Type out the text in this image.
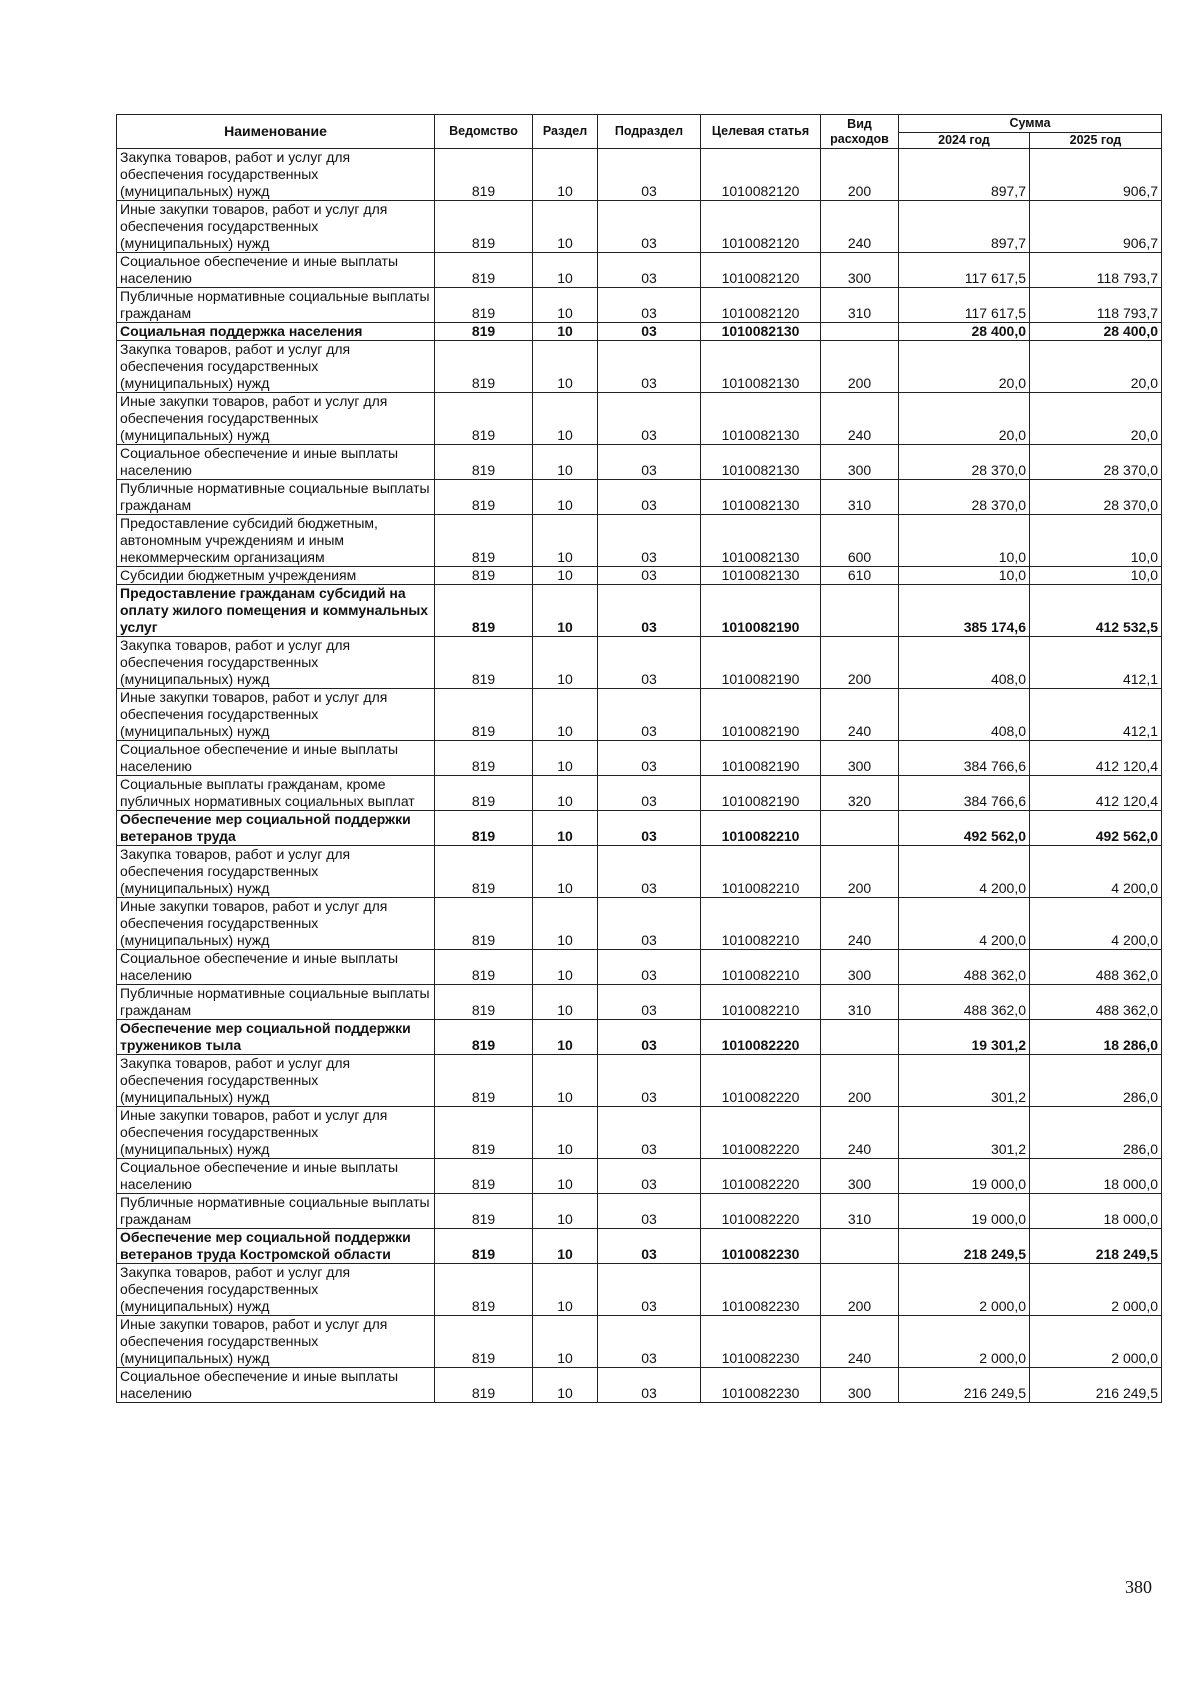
Наименование	Ведомство	Раздел	Подраздел	Целевая статья	Вид расходов	Сумма	
						2024 год	2025 год
Закупка товаров, работ и услуг для обеспечения государственных (муниципальных) нужд	819	10	03	1010082120	200	897,7	906,7
Иные закупки товаров, работ и услуг для обеспечения государственных (муниципальных) нужд	819	10	03	1010082120	240	897,7	906,7
Социальное обеспечение и иные выплаты населению	819	10	03	1010082120	300	117 617,5	118 793,7
Публичные нормативные социальные выплаты гражданам	819	10	03	1010082120	310	117 617,5	118 793,7
Социальная поддержка населения	819	10	03	1010082130		28 400,0	28 400,0
Закупка товаров, работ и услуг для обеспечения государственных (муниципальных) нужд	819	10	03	1010082130	200	20,0	20,0
Иные закупки товаров, работ и услуг для обеспечения государственных (муниципальных) нужд	819	10	03	1010082130	240	20,0	20,0
Социальное обеспечение и иные выплаты населению	819	10	03	1010082130	300	28 370,0	28 370,0
Публичные нормативные социальные выплаты гражданам	819	10	03	1010082130	310	28 370,0	28 370,0
Предоставление субсидий бюджетным, автономным учреждениям и иным некоммерческим организациям	819	10	03	1010082130	600	10,0	10,0
Субсидии бюджетным учреждениям	819	10	03	1010082130	610	10,0	10,0
Предоставление гражданам субсидий на оплату жилого помещения и коммунальных услуг	819	10	03	1010082190		385 174,6	412 532,5
Закупка товаров, работ и услуг для обеспечения государственных (муниципальных) нужд	819	10	03	1010082190	200	408,0	412,1
Иные закупки товаров, работ и услуг для обеспечения государственных (муниципальных) нужд	819	10	03	1010082190	240	408,0	412,1
Социальное обеспечение и иные выплаты населению	819	10	03	1010082190	300	384 766,6	412 120,4
Социальные выплаты гражданам, кроме публичных нормативных социальных выплат	819	10	03	1010082190	320	384 766,6	412 120,4
Обеспечение мер социальной поддержки ветеранов труда	819	10	03	1010082210		492 562,0	492 562,0
Закупка товаров, работ и услуг для обеспечения государственных (муниципальных) нужд	819	10	03	1010082210	200	4 200,0	4 200,0
Иные закупки товаров, работ и услуг для обеспечения государственных (муниципальных) нужд	819	10	03	1010082210	240	4 200,0	4 200,0
Социальное обеспечение и иные выплаты населению	819	10	03	1010082210	300	488 362,0	488 362,0
Публичные нормативные социальные выплаты гражданам	819	10	03	1010082210	310	488 362,0	488 362,0
Обеспечение мер социальной поддержки тружеников тыла	819	10	03	1010082220		19 301,2	18 286,0
Закупка товаров, работ и услуг для обеспечения государственных (муниципальных) нужд	819	10	03	1010082220	200	301,2	286,0
Иные закупки товаров, работ и услуг для обеспечения государственных (муниципальных) нужд	819	10	03	1010082220	240	301,2	286,0
Социальное обеспечение и иные выплаты населению	819	10	03	1010082220	300	19 000,0	18 000,0
Публичные нормативные социальные выплаты гражданам	819	10	03	1010082220	310	19 000,0	18 000,0
Обеспечение мер социальной поддержки ветеранов труда Костромской области	819	10	03	1010082230		218 249,5	218 249,5
Закупка товаров, работ и услуг для обеспечения государственных (муниципальных) нужд	819	10	03	1010082230	200	2 000,0	2 000,0
Иные закупки товаров, работ и услуг для обеспечения государственных (муниципальных) нужд	819	10	03	1010082230	240	2 000,0	2 000,0
Социальное обеспечение и иные выплаты населению	819	10	03	1010082230	300	216 249,5	216 249,5
380
